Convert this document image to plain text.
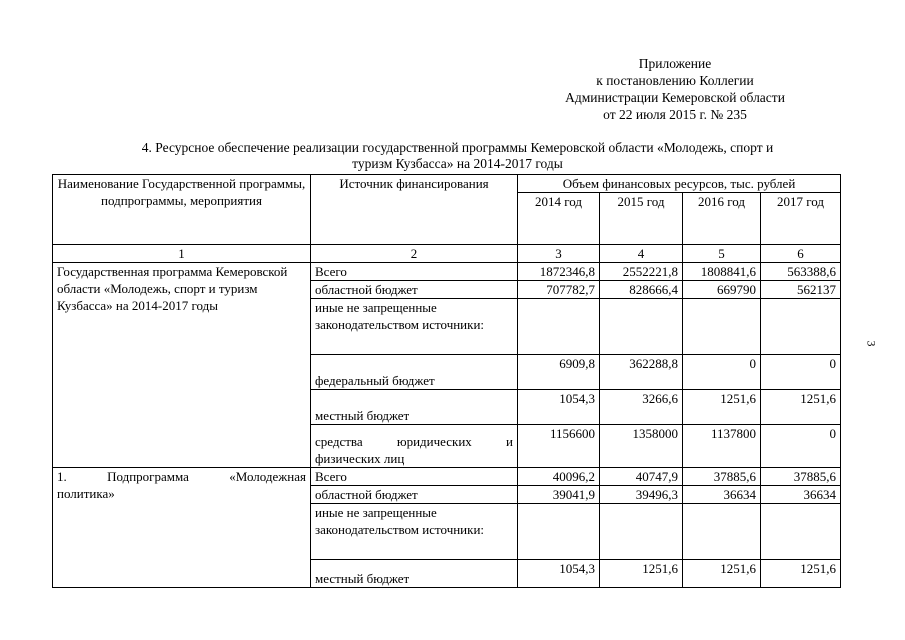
Приложение
к постановлению Коллегии
Администрации Кемеровской области
от 22 июля 2015 г. № 235
3
4. Ресурсное обеспечение реализации государственной программы Кемеровской области «Молодежь, спорт и
туризм Кузбасса» на 2014-2017 годы
Наименование Государственной программы, подпрограммы, мероприятия	Источник финансирования	Объем финансовых ресурсов, тыс. рублей			
		2014 год	2015 год	2016 год	2017 год
1	2	3	4	5	6
Государственная программа Кемеровской области «Молодежь, спорт и туризм Кузбасса» на 2014-2017 годы	Всего	1872346,8	2552221,8	1808841,6	563388,6
	областной бюджет	707782,7	828666,4	669790	562137
	иные не запрещенные законодательством источники:				
	федеральный бюджет	6909,8	362288,8	0	0
	местный бюджет	1054,3	3266,6	1251,6	1251,6

	средства юридических и
физических лиц	1156600	1358000	1137800	0

1. Подпрограмма «Молодежная
политика»	Всего	40096,2	40747,9	37885,6	37885,6
	областной бюджет	39041,9	39496,3	36634	36634
	иные не запрещенные законодательством источники:				
	местный бюджет	1054,3	1251,6	1251,6	1251,6
